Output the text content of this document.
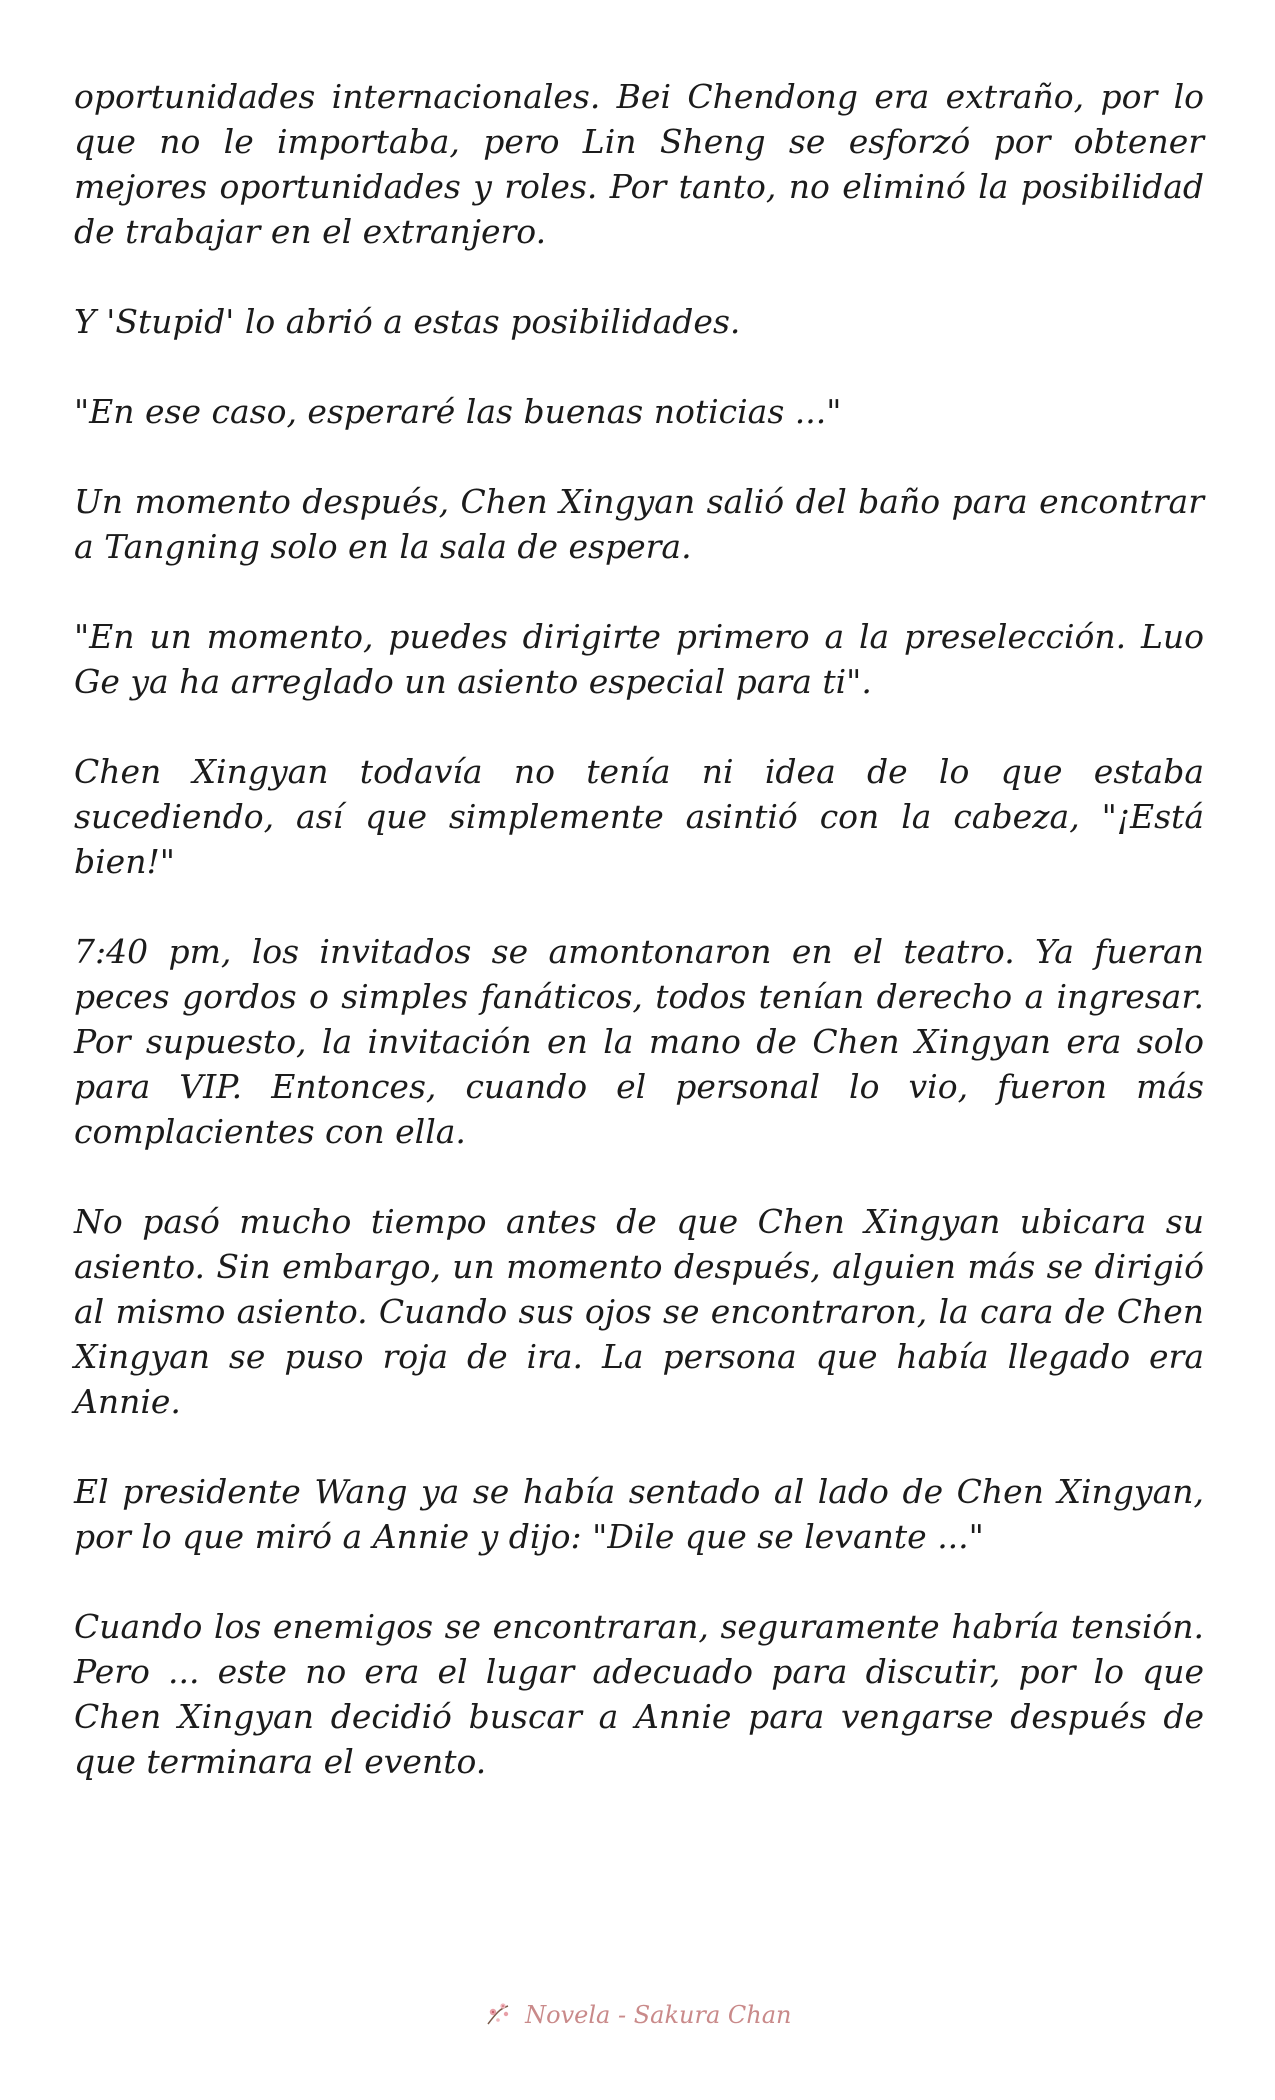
oportunidades internacionales. Bei Chendong era extraño, por lo que no le importaba, pero Lin Sheng se esforzó por obtener mejores oportunidades y roles. Por tanto, no eliminó la posibilidad de trabajar en el extranjero.

Y 'Stupid' lo abrió a estas posibilidades.

"En ese caso, esperaré las buenas noticias ..."

Un momento después, Chen Xingyan salió del baño para encontrar a Tangning solo en la sala de espera.

"En un momento, puedes dirigirte primero a la preselección. Luo Ge ya ha arreglado un asiento especial para ti".

Chen Xingyan todavía no tenía ni idea de lo que estaba sucediendo, así que simplemente asintió con la cabeza, "¡Está bien!"

7:40 pm, los invitados se amontonaron en el teatro. Ya fueran peces gordos o simples fanáticos, todos tenían derecho a ingresar. Por supuesto, la invitación en la mano de Chen Xingyan era solo para VIP. Entonces, cuando el personal lo vio, fueron más complacientes con ella.

No pasó mucho tiempo antes de que Chen Xingyan ubicara su asiento. Sin embargo, un momento después, alguien más se dirigió al mismo asiento. Cuando sus ojos se encontraron, la cara de Chen Xingyan se puso roja de ira. La persona que había llegado era Annie.

El presidente Wang ya se había sentado al lado de Chen Xingyan, por lo que miró a Annie y dijo: "Dile que se levante ..."

Cuando los enemigos se encontraran, seguramente habría tensión. Pero ... este no era el lugar adecuado para discutir, por lo que Chen Xingyan decidió buscar a Annie para vengarse después de que terminara el evento.

Novela - Sakura Chan
